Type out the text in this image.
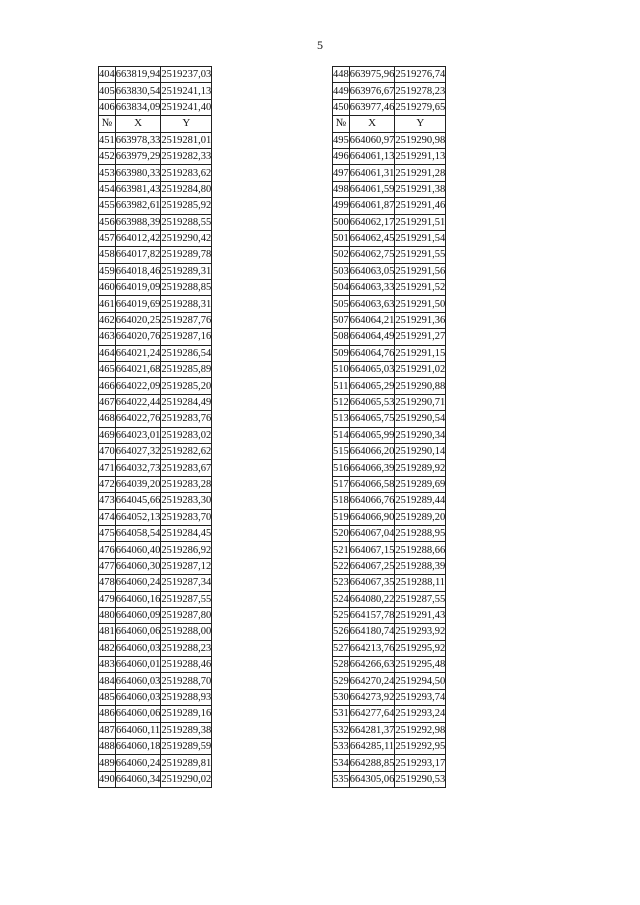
5
404	663819,94	2519237,03
405	663830,54	2519241,13
406	663834,09	2519241,40
№	X	Y
451	663978,33	2519281,01
452	663979,29	2519282,33
453	663980,33	2519283,62
454	663981,43	2519284,80
455	663982,61	2519285,92
456	663988,39	2519288,55
457	664012,42	2519290,42
458	664017,82	2519289,78
459	664018,46	2519289,31
460	664019,09	2519288,85
461	664019,69	2519288,31
462	664020,25	2519287,76
463	664020,76	2519287,16
464	664021,24	2519286,54
465	664021,68	2519285,89
466	664022,09	2519285,20
467	664022,44	2519284,49
468	664022,76	2519283,76
469	664023,01	2519283,02
470	664027,32	2519282,62
471	664032,73	2519283,67
472	664039,20	2519283,28
473	664045,66	2519283,30
474	664052,13	2519283,70
475	664058,54	2519284,45
476	664060,40	2519286,92
477	664060,30	2519287,12
478	664060,24	2519287,34
479	664060,16	2519287,55
480	664060,09	2519287,80
481	664060,06	2519288,00
482	664060,03	2519288,23
483	664060,01	2519288,46
484	664060,03	2519288,70
485	664060,03	2519288,93
486	664060,06	2519289,16
487	664060,11	2519289,38
488	664060,18	2519289,59
489	664060,24	2519289,81
490	664060,34	2519290,02
448	663975,96	2519276,74
449	663976,67	2519278,23
450	663977,46	2519279,65
№	X	Y
495	664060,97	2519290,98
496	664061,13	2519291,13
497	664061,31	2519291,28
498	664061,59	2519291,38
499	664061,87	2519291,46
500	664062,17	2519291,51
501	664062,45	2519291,54
502	664062,75	2519291,55
503	664063,05	2519291,56
504	664063,33	2519291,52
505	664063,63	2519291,50
507	664064,21	2519291,36
508	664064,49	2519291,27
509	664064,76	2519291,15
510	664065,03	2519291,02
511	664065,29	2519290,88
512	664065,53	2519290,71
513	664065,75	2519290,54
514	664065,99	2519290,34
515	664066,20	2519290,14
516	664066,39	2519289,92
517	664066,58	2519289,69
518	664066,76	2519289,44
519	664066,90	2519289,20
520	664067,04	2519288,95
521	664067,15	2519288,66
522	664067,25	2519288,39
523	664067,35	2519288,11
524	664080,22	2519287,55
525	664157,78	2519291,43
526	664180,74	2519293,92
527	664213,76	2519295,92
528	664266,63	2519295,48
529	664270,24	2519294,50
530	664273,92	2519293,74
531	664277,64	2519293,24
532	664281,37	2519292,98
533	664285,11	2519292,95
534	664288,85	2519293,17
535	664305,06	2519290,53
